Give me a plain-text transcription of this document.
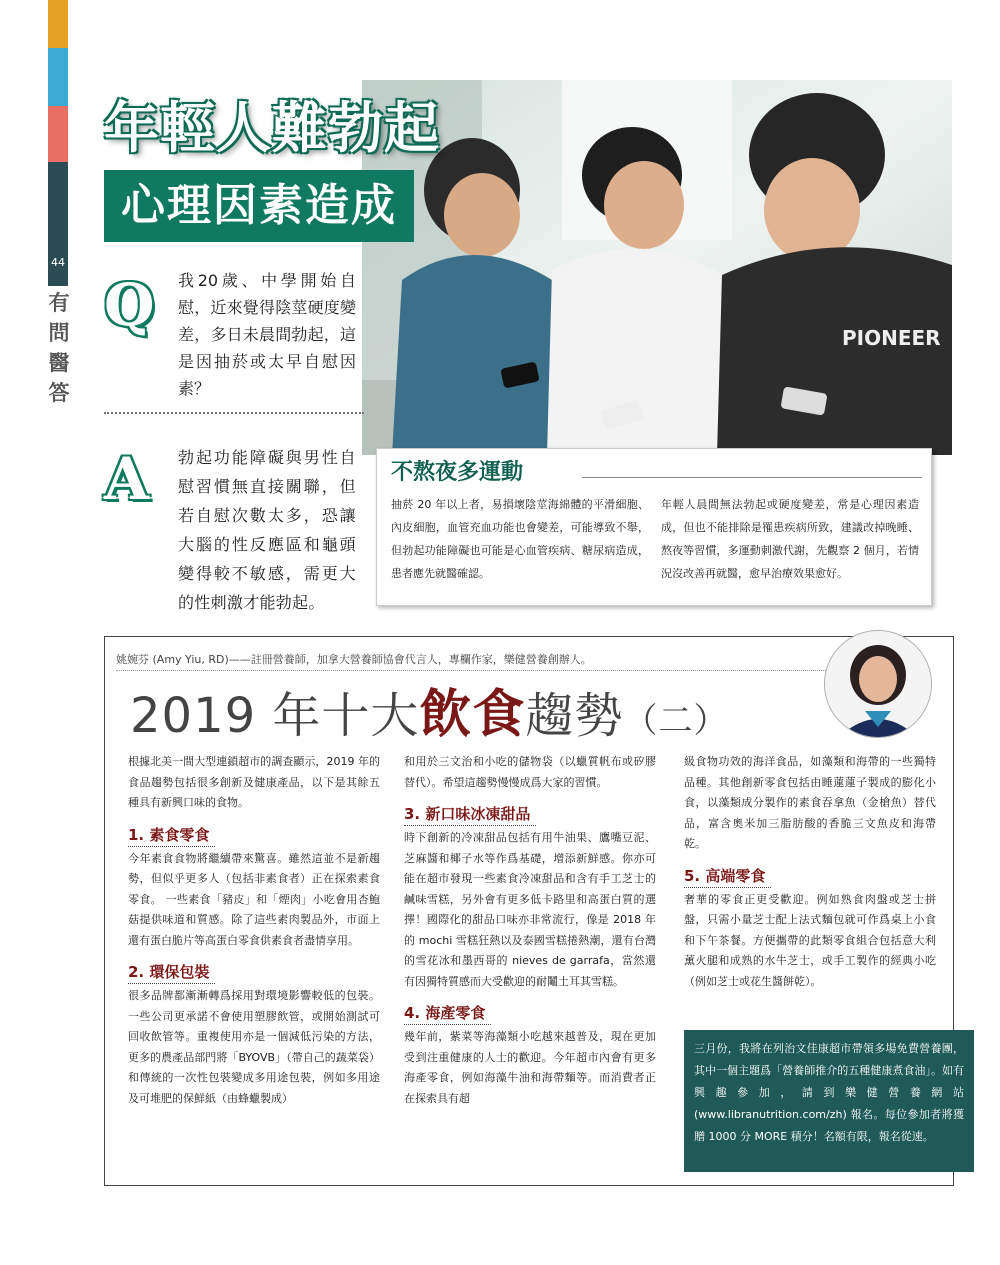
44
有問醫答
PIONEER
年輕人難勃起
心理因素造成
Q 我20歲、中學開始自慰，近來覺得陰莖硬度變差，多日未晨間勃起，這是因抽菸或太早自慰因素？
A 勃起功能障礙與男性自慰習慣無直接關聯，但若自慰次數太多，恐讓大腦的性反應區和龜頭變得較不敏感，需更大的性刺激才能勃起。
不熬夜多運動
抽菸 20 年以上者，易損壞陰莖海綿體的平滑細胞、內皮細胞，血管充血功能也會變差，可能導致不舉，但勃起功能障礙也可能是心血管疾病、糖尿病造成，患者應先就醫確認。
年輕人晨間無法勃起或硬度變差，常是心理因素造成，但也不能排除是罹患疾病所致，建議改掉晚睡、熬夜等習慣，多運動刺激代謝，先觀察 2 個月，若情況沒改善再就醫，愈早治療效果愈好。
姚婉芬 (Amy Yiu, RD)——註冊營養師，加拿大營養師協會代言人，專欄作家，樂健營養創辦人。
2019 年十大飲食趨勢（二）

根據北美一間大型連鎖超市的調查顯示，2019 年的食品趨勢包括很多創新及健康產品，以下是其餘五種具有新興口味的食物。

1. 素食零食

今年素食食物將繼續帶來驚喜。雖然這並不是新趨勢，但似乎更多人（包括非素食者）正在探索素食零食。 一些素食「豬皮」和「煙肉」小吃會用杏鮑菇提供味道和質感。除了這些素肉製品外，市面上還有蛋白脆片等高蛋白零食供素食者盡情享用。

2. 環保包裝

很多品牌都漸漸轉爲採用對環境影響較低的包裝。一些公司更承諾不會使用塑膠飲管，或開始測試可回收飲管等。重複使用亦是一個減低污染的方法，更多的農產品部門將「BYOVB」（帶自己的蔬菜袋）和傳統的一次性包裝變成多用途包裝，例如多用途及可堆肥的保鮮紙（由蜂蠟製成）

和用於三文治和小吃的儲物袋（以蠟質帆布或矽膠替代）。希望這趨勢慢慢成爲大家的習慣。

3. 新口味冰凍甜品

時下創新的冷凍甜品包括有用牛油果、鷹嘴豆泥、芝麻醬和椰子水等作爲基礎，增添新鮮感。你亦可能在超市發現一些素食冷凍甜品和含有手工芝士的鹹味雪糕，另外會有更多低卡路里和高蛋白質的選擇！國際化的甜品口味亦非常流行，像是 2018 年的 mochi 雪糕狂熱以及泰國雪糕捲熱潮，還有台灣的雪花冰和墨西哥的 nieves de garrafa，當然還有因獨特質感而大受歡迎的耐鬮土耳其雪糕。

4. 海產零食

幾年前，紫菜等海藻類小吃越來越普及，現在更加受到注重健康的人士的歡迎。今年超市內會有更多海產零食，例如海藻牛油和海帶麵等。而消費者正在探索具有超

級食物功效的海洋食品，如藻類和海帶的一些獨特品種。其他創新零食包括由睡蓮蓮子製成的膨化小食，以藻類成分製作的素食吞拿魚（金槍魚）替代品，富含奧米加三脂肪酸的香脆三文魚皮和海帶乾。

5. 高端零食

奢華的零食正更受歡迎。例如熟食肉盤或芝士拼盤，只需小量芝士配上法式麵包就可作爲桌上小食和下午茶餐。方便攜帶的此類零食組合包括意大利薰火腿和成熟的水牛芝士，或手工製作的經典小吃（例如芝士或花生醬餅乾）。

三月份，我將在列治文佳康超市帶領多場免費營養團，其中一個主題爲「營養師推介的五種健康煮食油」。如有興趣參加，請到樂健營養網站 (www.libranutrition.com/zh) 報名。每位參加者將獲贈 1000 分 MORE 積分！名額有限，報名從速。
